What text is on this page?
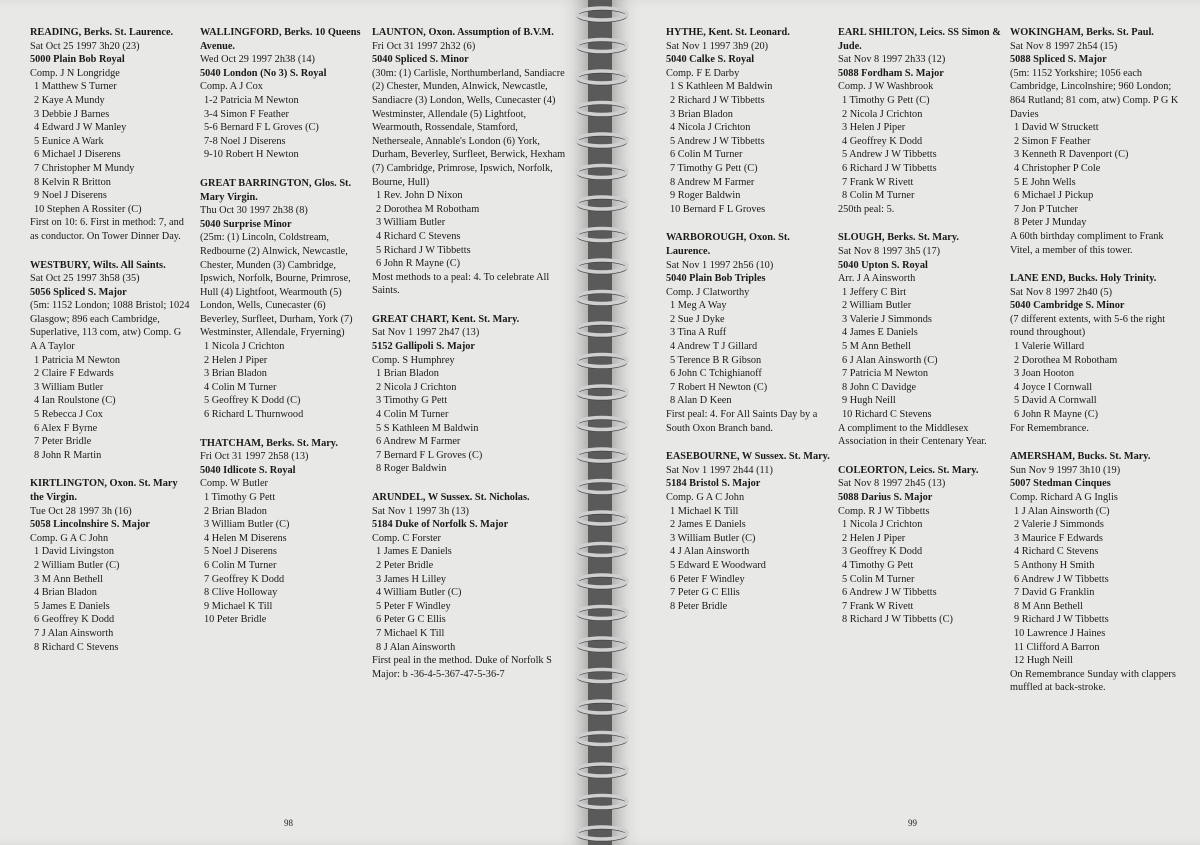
READING, Berks. St. Laurence.
Sat Oct 25 1997 3h20 (23)
5000 Plain Bob Royal
Comp. J N Longridge
1 Matthew S Turner
2 Kaye A Mundy
3 Debbie J Barnes
4 Edward J W Manley
5 Eunice A Wark
6 Michael J Diserens
7 Christopher M Mundy
8 Kelvin R Britton
9 Noel J Diserens
10 Stephen A Rossiter (C)
First on 10: 6. First in method: 7, and as conductor. On Tower Dinner Day.
WESTBURY, Wilts. All Saints.
Sat Oct 25 1997 3h58 (35)
5056 Spliced S. Major
(5m: 1152 London; 1088 Bristol; 1024 Glasgow; 896 each Cambridge, Superlative, 113 com, atw) Comp. G A A Taylor
1 Patricia M Newton
2 Claire F Edwards
3 William Butler
4 Ian Roulstone (C)
5 Rebecca J Cox
6 Alex F Byrne
7 Peter Bridle
8 John R Martin
KIRTLINGTON, Oxon. St. Mary the Virgin.
Tue Oct 28 1997 3h (16)
5058 Lincolnshire S. Major
Comp. G A C John
1 David Livingston
2 William Butler (C)
3 M Ann Bethell
4 Brian Bladon
5 James E Daniels
6 Geoffrey K Dodd
7 J Alan Ainsworth
8 Richard C Stevens
WALLINGFORD, Berks. 10 Queens Avenue.
Wed Oct 29 1997 2h38 (14)
5040 London (No 3) S. Royal
Comp. A J Cox
1-2 Patricia M Newton
3-4 Simon F Feather
5-6 Bernard F L Groves (C)
7-8 Noel J Diserens
9-10 Robert H Newton
GREAT BARRINGTON, Glos. St. Mary Virgin.
Thu Oct 30 1997 2h38 (8)
5040 Surprise Minor
(25m: (1) Lincoln, Coldstream, Redbourne (2) Alnwick, Newcastle, Chester, Munden (3) Cambridge, Ipswich, Norfolk, Bourne, Primrose, Hull (4) Lightfoot, Wearmouth (5) London, Wells, Cunecaster (6) Beverley, Surfleet, Durham, York (7) Westminster, Allendale, Fryerning)
1 Nicola J Crichton
2 Helen J Piper
3 Brian Bladon
4 Colin M Turner
5 Geoffrey K Dodd (C)
6 Richard L Thurnwood
THATCHAM, Berks. St. Mary.
Fri Oct 31 1997 2h58 (13)
5040 Idlicote S. Royal
Comp. W Butler
1 Timothy G Pett
2 Brian Bladon
3 William Butler (C)
4 Helen M Diserens
5 Noel J Diserens
6 Colin M Turner
7 Geoffrey K Dodd
8 Clive Holloway
9 Michael K Till
10 Peter Bridle
LAUNTON, Oxon. Assumption of B.V.M.
Fri Oct 31 1997 2h32 (6)
5040 Spliced S. Minor
(30m: (1) Carlisle, Northumberland, Sandiacre (2) Chester, Munden, Alnwick, Newcastle, Sandiacre (3) London, Wells, Cunecaster (4) Westminster, Allendale (5) Lightfoot, Wearmouth, Rossendale, Stamford, Netherseale, Annable's London (6) York, Durham, Beverley, Surfleet, Berwick, Hexham (7) Cambridge, Primrose, Ipswich, Norfolk, Bourne, Hull)
1 Rev. John D Nixon
2 Dorothea M Robotham
3 William Butler
4 Richard C Stevens
5 Richard J W Tibbetts
6 John R Mayne (C)
Most methods to a peal: 4. To celebrate All Saints.
GREAT CHART, Kent. St. Mary.
Sat Nov 1 1997 2h47 (13)
5152 Gallipoli S. Major
Comp. S Humphrey
1 Brian Bladon
2 Nicola J Crichton
3 Timothy G Pett
4 Colin M Turner
5 S Kathleen M Baldwin
6 Andrew M Farmer
7 Bernard F L Groves (C)
8 Roger Baldwin
ARUNDEL, W Sussex. St. Nicholas.
Sat Nov 1 1997 3h (13)
5184 Duke of Norfolk S. Major
Comp. C Forster
1 James E Daniels
2 Peter Bridle
3 James H Lilley
4 William Butler (C)
5 Peter F Windley
6 Peter G C Ellis
7 Michael K Till
8 J Alan Ainsworth
First peal in the method. Duke of Norfolk S Major: b -36-4-5-367-47-5-36-7
98
HYTHE, Kent. St. Leonard.
Sat Nov 1 1997 3h9 (20)
5040 Calke S. Royal
Comp. F E Darby
1 S Kathleen M Baldwin
2 Richard J W Tibbetts
3 Brian Bladon
4 Nicola J Crichton
5 Andrew J W Tibbetts
6 Colin M Turner
7 Timothy G Pett (C)
8 Andrew M Farmer
9 Roger Baldwin
10 Bernard F L Groves
WARBOROUGH, Oxon. St. Laurence.
Sat Nov 1 1997 2h56 (10)
5040 Plain Bob Triples
Comp. J Clatworthy
1 Meg A Way
2 Sue J Dyke
3 Tina A Ruff
4 Andrew T J Gillard
5 Terence B R Gibson
6 John C Tchighianoff
7 Robert H Newton (C)
8 Alan D Keen
First peal: 4. For All Saints Day by a South Oxon Branch band.
EASEBOURNE, W Sussex. St. Mary.
Sat Nov 1 1997 2h44 (11)
5184 Bristol S. Major
Comp. G A C John
1 Michael K Till
2 James E Daniels
3 William Butler (C)
4 J Alan Ainsworth
5 Edward E Woodward
6 Peter F Windley
7 Peter G C Ellis
8 Peter Bridle
EARL SHILTON, Leics. SS Simon & Jude.
Sat Nov 8 1997 2h33 (12)
5088 Fordham S. Major
Comp. J W Washbrook
1 Timothy G Pett (C)
2 Nicola J Crichton
3 Helen J Piper
4 Geoffrey K Dodd
5 Andrew J W Tibbetts
6 Richard J W Tibbetts
7 Frank W Rivett
8 Colin M Turner
250th peal: 5.
SLOUGH, Berks. St. Mary.
Sat Nov 8 1997 3h5 (17)
5040 Upton S. Royal
Arr. J A Ainsworth
1 Jeffery C Birt
2 William Butler
3 Valerie J Simmonds
4 James E Daniels
5 M Ann Bethell
6 J Alan Ainsworth (C)
7 Patricia M Newton
8 John C Davidge
9 Hugh Neill
10 Richard C Stevens
A compliment to the Middlesex Association in their Centenary Year.
COLEORTON, Leics. St. Mary.
Sat Nov 8 1997 2h45 (13)
5088 Darius S. Major
Comp. R J W Tibbetts
1 Nicola J Crichton
2 Helen J Piper
3 Geoffrey K Dodd
4 Timothy G Pett
5 Colin M Turner
6 Andrew J W Tibbetts
7 Frank W Rivett
8 Richard J W Tibbetts (C)
WOKINGHAM, Berks. St. Paul.
Sat Nov 8 1997 2h54 (15)
5088 Spliced S. Major
(5m: 1152 Yorkshire; 1056 each Cambridge, Lincolnshire; 960 London; 864 Rutland; 81 com, atw) Comp. P G K Davies
1 David W Struckett
2 Simon F Feather
3 Kenneth R Davenport (C)
4 Christopher P Cole
5 E John Wells
6 Michael J Pickup
7 Jon P Tutcher
8 Peter J Munday
A 60th birthday compliment to Frank Vitel, a member of this tower.
LANE END, Bucks. Holy Trinity.
Sat Nov 8 1997 2h40 (5)
5040 Cambridge S. Minor
(7 different extents, with 5-6 the right round throughout)
1 Valerie Willard
2 Dorothea M Robotham
3 Joan Hooton
4 Joyce I Cornwall
5 David A Cornwall
6 John R Mayne (C)
For Remembrance.
AMERSHAM, Bucks. St. Mary.
Sun Nov 9 1997 3h10 (19)
5007 Stedman Cinques
Comp. Richard A G Inglis
1 J Alan Ainsworth (C)
2 Valerie J Simmonds
3 Maurice F Edwards
4 Richard C Stevens
5 Anthony H Smith
6 Andrew J W Tibbetts
7 David G Franklin
8 M Ann Bethell
9 Richard J W Tibbetts
10 Lawrence J Haines
11 Clifford A Barron
12 Hugh Neill
On Remembrance Sunday with clappers muffled at back-stroke.
99
